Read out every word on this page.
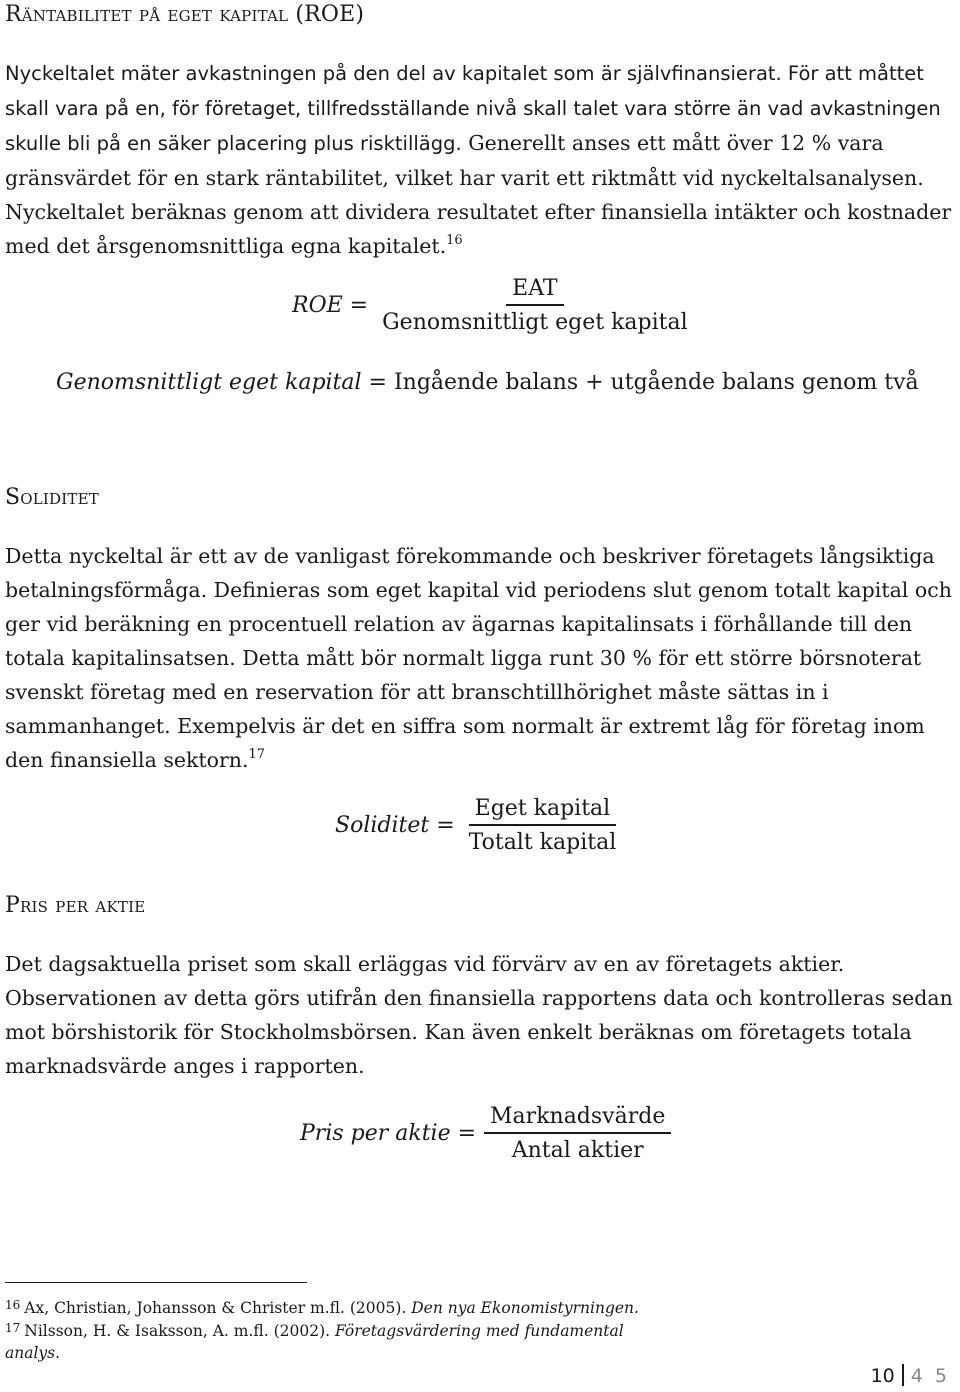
Räntabilitet på eget kapital (ROE)
Nyckeltalet mäter avkastningen på den del av kapitalet som är självfinansierat. För att måttet skall vara på en, för företaget, tillfredsställande nivå skall talet vara större än vad avkastningen skulle bli på en säker placering plus risktillägg. Generellt anses ett mått över 12 % vara gränsvärdet för en stark räntabilitet, vilket har varit ett riktmått vid nyckeltalsanalysen. Nyckeltalet beräknas genom att dividera resultatet efter finansiella intäkter och kostnader med det årsgenomsnittliga egna kapitalet.$^{16}$
ROE = $\frac{\text{EAT}}{\text{Genomsnittligt eget kapital}}$
Genomsnittligt eget kapital = Ingående balans + utgående balans genom två
Soliditet
Detta nyckeltal är ett av de vanligast förekommande och beskriver företagets långsiktiga betalningsförmåga. Definieras som eget kapital vid periodens slut genom totalt kapital och ger vid beräkning en procentuell relation av ägarnas kapitalinsats i förhållande till den totala kapitalinsatsen. Detta mått bör normalt ligga runt 30 % för ett större börsnoterat svenskt företag med en reservation för att branschtillhörighet måste sättas in i sammanhanget. Exempelvis är det en siffra som normalt är extremt låg för företag inom den finansiella sektorn.$^{17}$
Soliditet = $\frac{\text{Eget kapital}}{\text{Totalt kapital}}$
Pris per aktie
Det dagsaktuella priset som skall erläggas vid förvärv av en av företagets aktier. Observationen av detta görs utifrån den finansiella rapportens data och kontrolleras sedan mot börshistorik för Stockholmsbörsen. Kan även enkelt beräknas om företagets totala marknadsvärde anges i rapporten.
Pris per aktie = $\frac{\text{Marknadsvärde}}{\text{Antal aktier}}$
$^{16}$ Ax, Christian, Johansson & Christer m.fl. (2005). Den nya Ekonomistyrningen.
$^{17}$ Nilsson, H. & Isaksson, A. m.fl. (2002). Företagsvärdering med fundamental analys.
10 4 5
